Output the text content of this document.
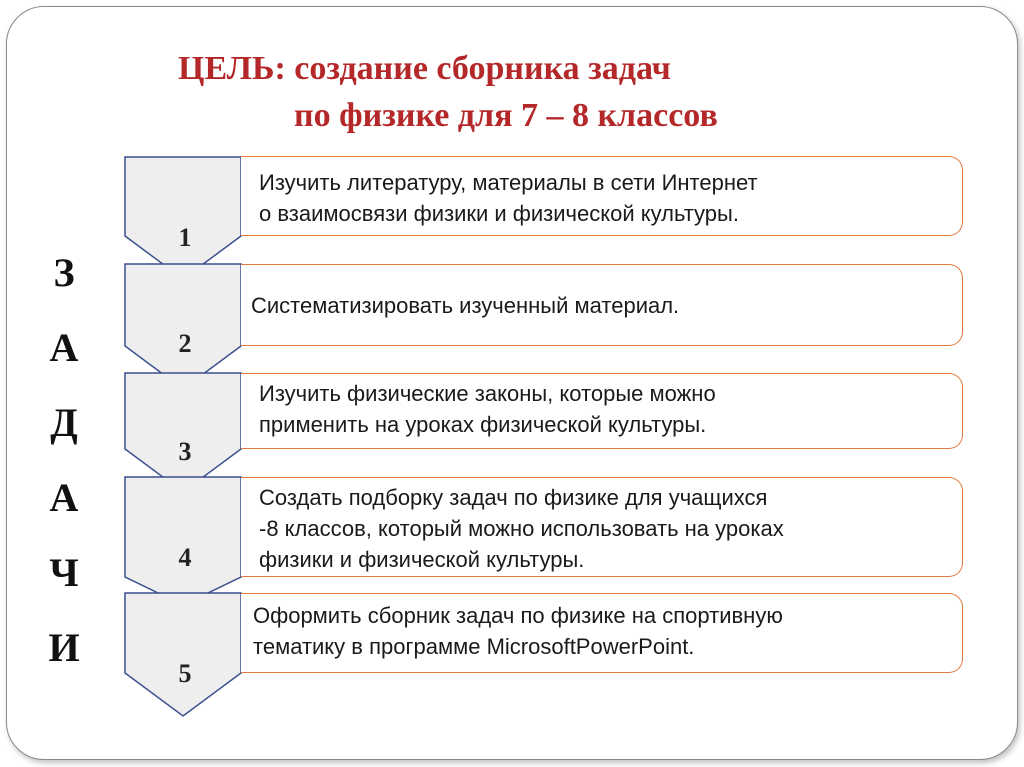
ЦЕЛЬ: создание сборника задач
по физике для 7 – 8 классов
З
А
Д
А
Ч
И
1
2
3
4
5
Изучить литературу, материалы в сети Интернет
о взаимосвязи физики и физической культуры.
Систематизировать изученный материал.
Изучить физические законы, которые можно
применить на уроках физической культуры.
Создать подборку задач по физике для учащихся
-8 классов, который можно использовать на уроках
физики и физической культуры.
Оформить сборник задач по физике на спортивную
тематику в программе MicrosoftPowerPoint.
